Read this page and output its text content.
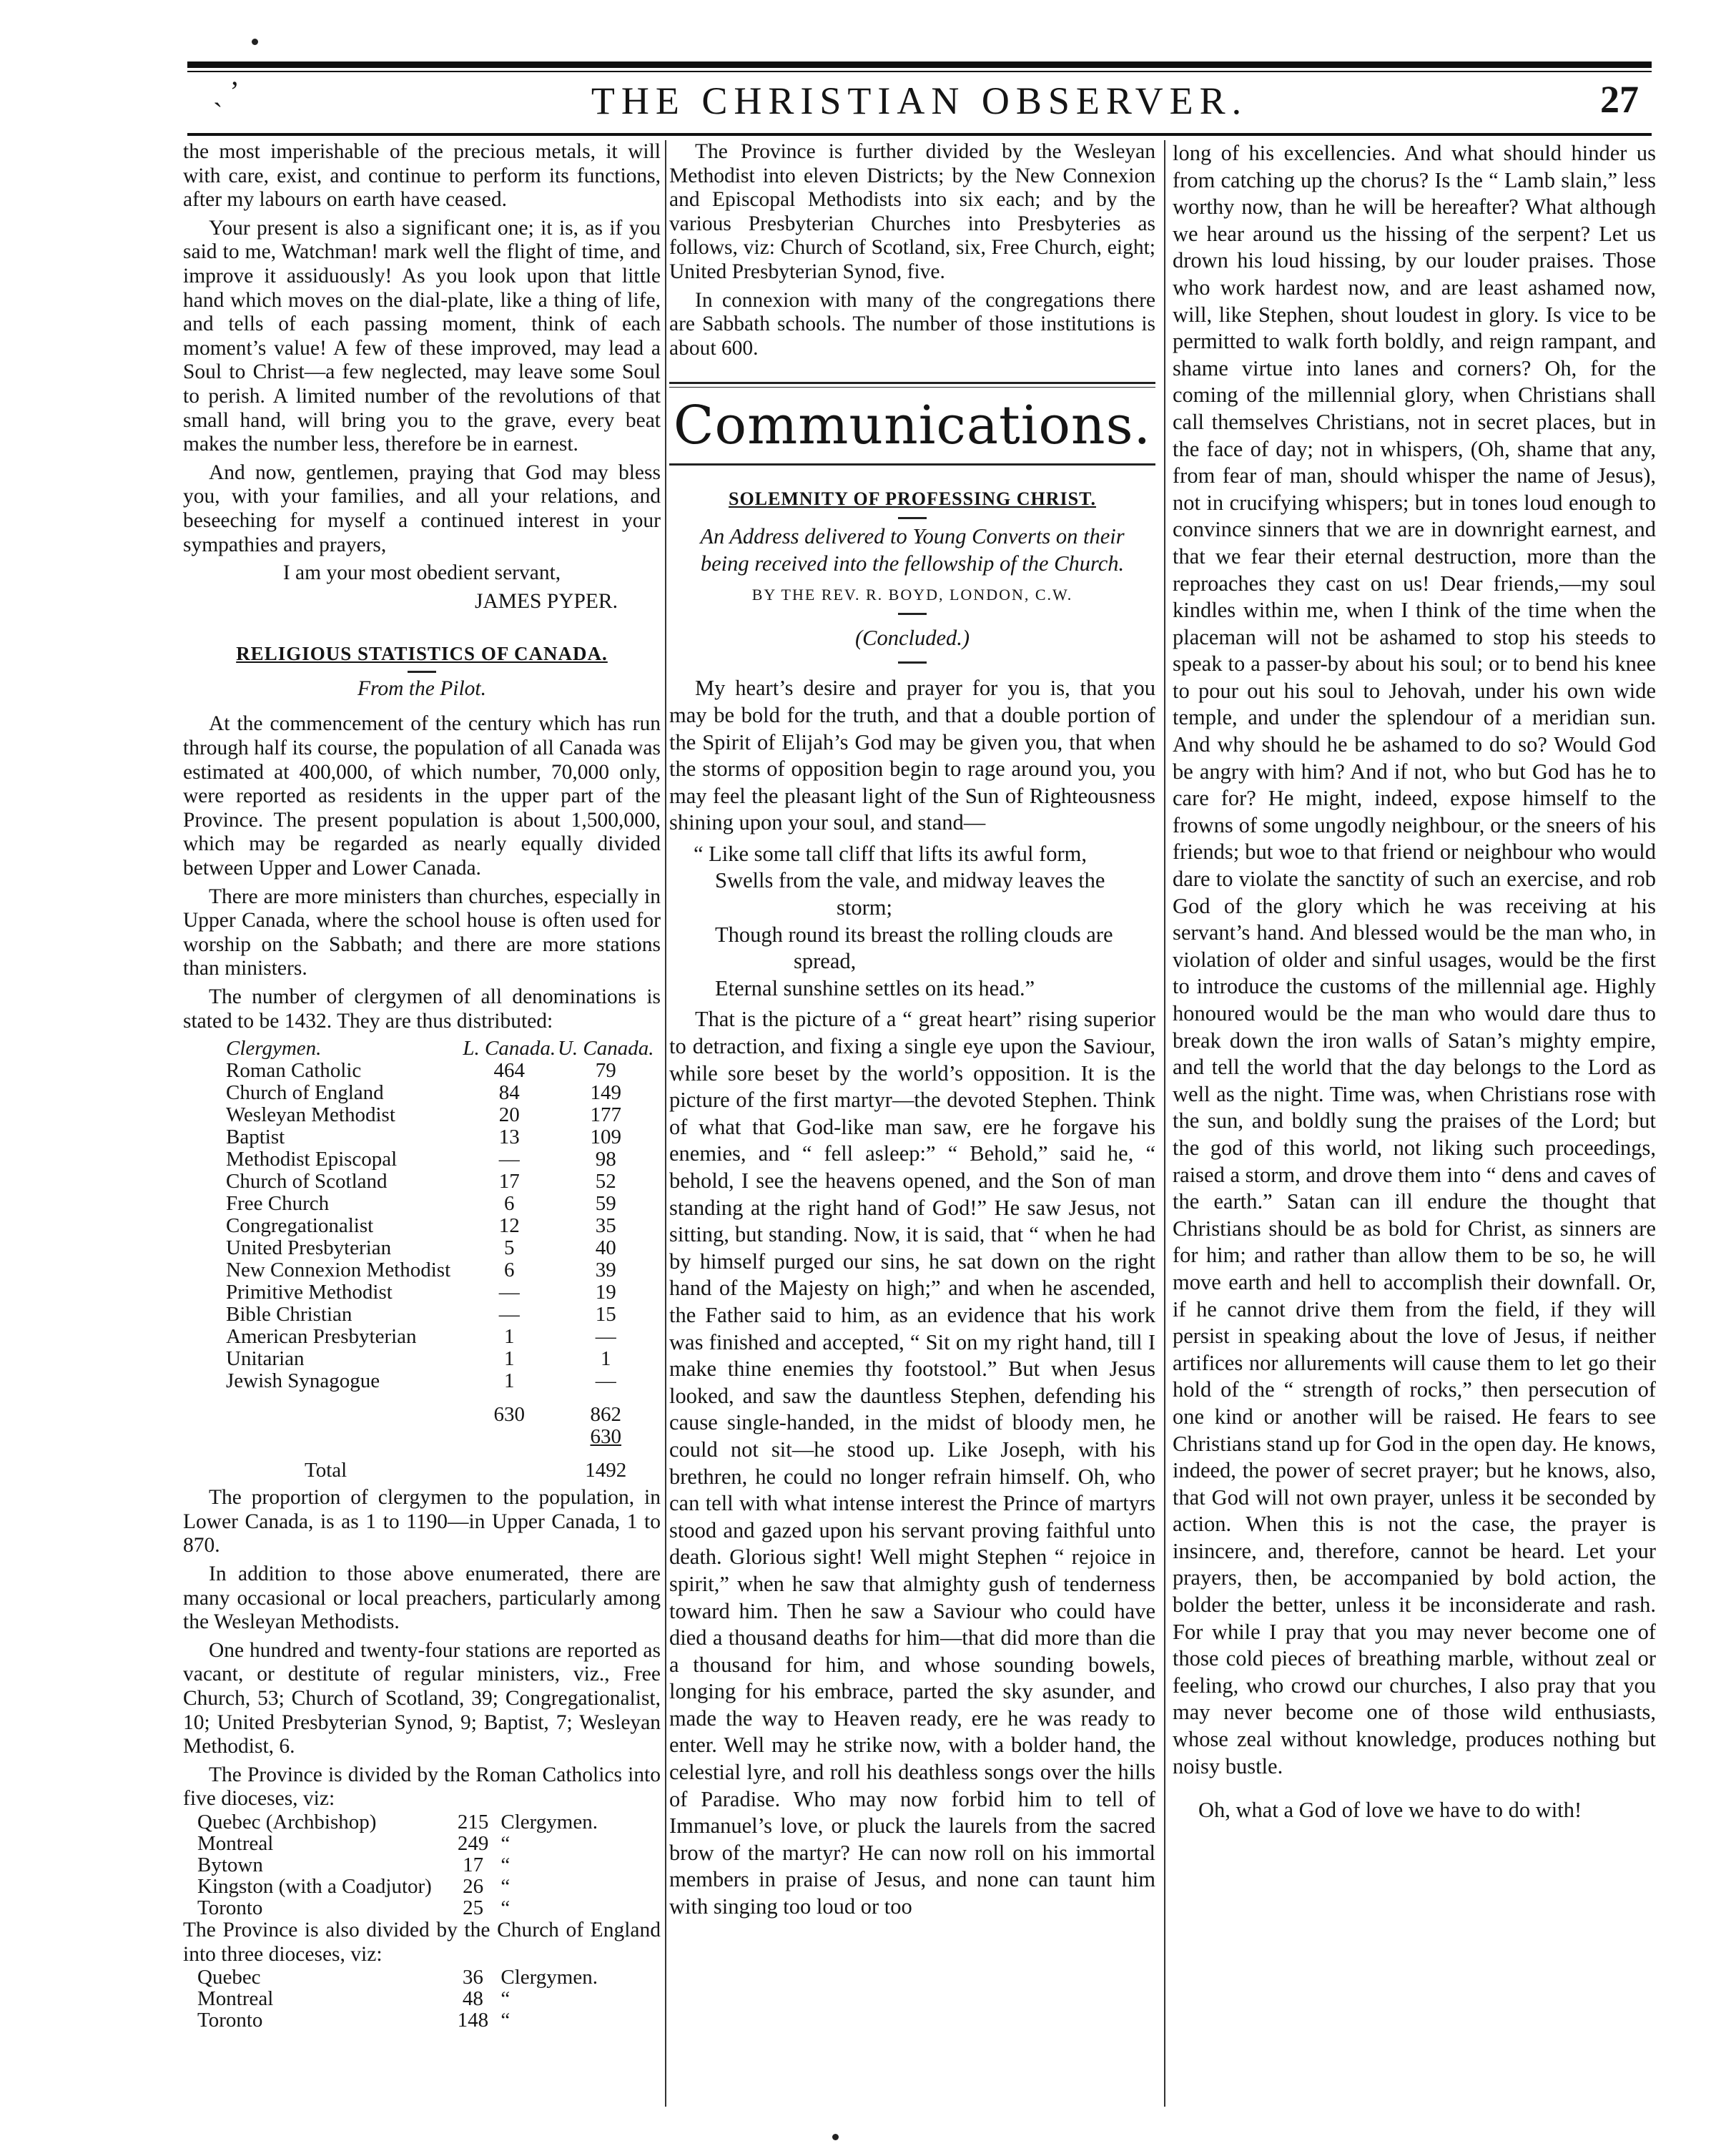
ˏ ’	THE CHRISTIAN OBSERVER.	27

the most imperishable of the precious metals, it will with care, exist, and continue to perform its functions, after my labours on earth have ceased.

Your present is also a significant one; it is, as if you said to me, Watchman! mark well the flight of time, and improve it assiduously! As you look upon that little hand which moves on the dial-plate, like a thing of life, and tells of each passing moment, think of each moment’s value! A few of these improved, may lead a Soul to Christ—a few neglected, may leave some Soul to perish. A limited number of the revolutions of that small hand, will bring you to the grave, every beat makes the number less, therefore be in earnest.

And now, gentlemen, praying that God may bless you, with your families, and all your relations, and beseeching for myself a continued interest in your sympathies and prayers,

I am your most obedient servant,

JAMES PYPER.

RELIGIOUS STATISTICS OF CANADA.
From the Pilot.

At the commencement of the century which has run through half its course, the population of all Canada was estimated at 400,000, of which number, 70,000 only, were reported as residents in the upper part of the Province. The present population is about 1,500,000, which may be regarded as nearly equally divided between Upper and Lower Canada.

There are more ministers than churches, especially in Upper Canada, where the school house is often used for worship on the Sabbath; and there are more stations than ministers.

The number of clergymen of all denominations is stated to be 1432. They are thus distributed:

Clergymen.	L. Canada.	U. Canada.
Roman Catholic	464	79
Church of England	84	149
Wesleyan Methodist	20	177
Baptist	13	109
Methodist Episcopal	—	98
Church of Scotland	17	52
Free Church	6	59
Congregationalist	12	35
United Presbyterian	5	40
New Connexion Methodist	6	39
Primitive Methodist	—	19
Bible Christian	—	15
American Presbyterian	1	—
Unitarian	1	1
Jewish Synagogue	1	—
	630	862
		630
Total		1492

The proportion of clergymen to the population, in Lower Canada, is as 1 to 1190—in Upper Canada, 1 to 870.

In addition to those above enumerated, there are many occasional or local preachers, particularly among the Wesleyan Methodists.

One hundred and twenty-four stations are reported as vacant, or destitute of regular ministers, viz., Free Church, 53; Church of Scotland, 39; Congregationalist, 10; United Presbyterian Synod, 9; Baptist, 7; Wesleyan Methodist, 6.

The Province is divided by the Roman Catholics into five dioceses, viz:

Quebec (Archbishop)	215	Clergymen.
Montreal	249	“
Bytown	17	“
Kingston (with a Coadjutor)	26	“
Toronto	25	“

The Province is also divided by the Church of England into three dioceses, viz:

Quebec	36	Clergymen.
Montreal	48	“
Toronto	148	“

The Province is further divided by the Wesleyan Methodist into eleven Districts; by the New Connexion and Episcopal Methodists into six each; and by the various Presbyterian Churches into Presbyteries as follows, viz: Church of Scotland, six, Free Church, eight; United Presbyterian Synod, five.

In connexion with many of the congregations there are Sabbath schools. The number of those institutions is about 600.

Communications.
SOLEMNITY OF PROFESSING CHRIST.

An Address delivered to Young Converts on their being received into the fellowship of the Church.

BY THE REV. R. BOYD, LONDON, C.W.

(Concluded.)

My heart’s desire and prayer for you is, that you may be bold for the truth, and that a double portion of the Spirit of Elijah’s God may be given you, that when the storms of opposition begin to rage around you, you may feel the pleasant light of the Sun of Righteousness shining upon your soul, and stand—

“ Like some tall cliff that lifts its awful form,

Swells from the vale, and midway leaves the

storm;

Though round its breast the rolling clouds are

spread,

Eternal sunshine settles on its head.”

That is the picture of a “ great heart” rising superior to detraction, and fixing a single eye upon the Saviour, while sore beset by the world’s opposition. It is the picture of the first martyr—the devoted Stephen. Think of what that God-like man saw, ere he forgave his enemies, and “ fell asleep:” “ Behold,” said he, “ behold, I see the heavens opened, and the Son of man standing at the right hand of God!” He saw Jesus, not sitting, but standing. Now, it is said, that “ when he had by himself purged our sins, he sat down on the right hand of the Majesty on high;” and when he ascended, the Father said to him, as an evidence that his work was finished and accepted, “ Sit on my right hand, till I make thine enemies thy footstool.” But when Jesus looked, and saw the dauntless Stephen, defending his cause single-handed, in the midst of bloody men, he could not sit—he stood up. Like Joseph, with his brethren, he could no longer refrain himself. Oh, who can tell with what intense interest the Prince of martyrs stood and gazed upon his servant proving faithful unto death. Glorious sight! Well might Stephen “ rejoice in spirit,” when he saw that almighty gush of tenderness toward him. Then he saw a Saviour who could have died a thousand deaths for him—that did more than die a thousand for him, and whose sounding bowels, longing for his embrace, parted the sky asunder, and made the way to Heaven ready, ere he was ready to enter. Well may he strike now, with a bolder hand, the celestial lyre, and roll his deathless songs over the hills of Paradise. Who may now forbid him to tell of Immanuel’s love, or pluck the laurels from the sacred brow of the martyr? He can now roll on his immortal members in praise of Jesus, and none can taunt him with singing too loud or too

long of his excellencies. And what should hinder us from catching up the chorus? Is the “ Lamb slain,” less worthy now, than he will be hereafter? What although we hear around us the hissing of the serpent? Let us drown his loud hissing, by our louder praises. Those who work hardest now, and are least ashamed now, will, like Stephen, shout loudest in glory. Is vice to be permitted to walk forth boldly, and reign rampant, and shame virtue into lanes and corners? Oh, for the coming of the millennial glory, when Christians shall call themselves Christians, not in secret places, but in the face of day; not in whispers, (Oh, shame that any, from fear of man, should whisper the name of Jesus), not in crucifying whispers; but in tones loud enough to convince sinners that we are in downright earnest, and that we fear their eternal destruction, more than the reproaches they cast on us! Dear friends,—my soul kindles within me, when I think of the time when the placeman will not be ashamed to stop his steeds to speak to a passer-by about his soul; or to bend his knee to pour out his soul to Jehovah, under his own wide temple, and under the splendour of a meridian sun. And why should he be ashamed to do so? Would God be angry with him? And if not, who but God has he to care for? He might, indeed, expose himself to the frowns of some ungodly neighbour, or the sneers of his friends; but woe to that friend or neighbour who would dare to violate the sanctity of such an exercise, and rob God of the glory which he was receiving at his servant’s hand. And blessed would be the man who, in violation of older and sinful usages, would be the first to introduce the customs of the millennial age. Highly honoured would be the man who would dare thus to break down the iron walls of Satan’s mighty empire, and tell the world that the day belongs to the Lord as well as the night. Time was, when Christians rose with the sun, and boldly sung the praises of the Lord; but the god of this world, not liking such proceedings, raised a storm, and drove them into “ dens and caves of the earth.” Satan can ill endure the thought that Christians should be as bold for Christ, as sinners are for him; and rather than allow them to be so, he will move earth and hell to accomplish their downfall. Or, if he cannot drive them from the field, if they will persist in speaking about the love of Jesus, if neither artifices nor allurements will cause them to let go their hold of the “ strength of rocks,” then persecution of one kind or another will be raised. He fears to see Christians stand up for God in the open day. He knows, indeed, the power of secret prayer; but he knows, also, that God will not own prayer, unless it be seconded by action. When this is not the case, the prayer is insincere, and, therefore, cannot be heard. Let your prayers, then, be accompanied by bold action, the bolder the better, unless it be inconsiderate and rash. For while I pray that you may never become one of those cold pieces of breathing marble, without zeal or feeling, who crowd our churches, I also pray that you may never become one of those wild enthusiasts, whose zeal without knowledge, produces nothing but noisy bustle.

Oh, what a God of love we have to do with!
